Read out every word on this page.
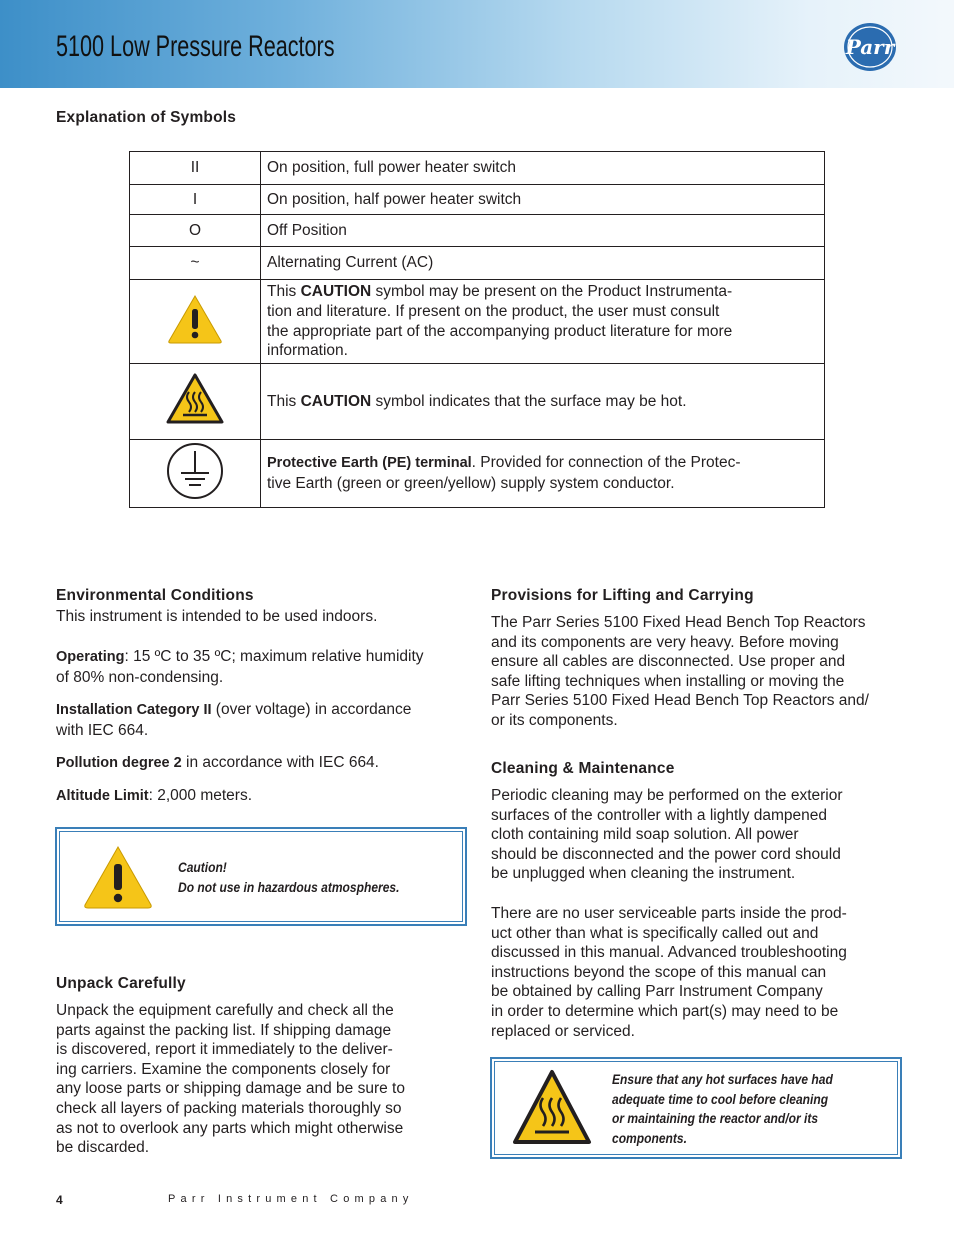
5100 Low Pressure Reactors	Parr
Explanation of Symbols
II	On position, full power heater switch
I	On position, half power heater switch
O	Off Position
~	Alternating Current (AC)

This CAUTION symbol may be present on the Product Instrumenta-
tion and literature. If present on the product, the user must consult
the appropriate part of the accompanying product literature for more
information.

	This CAUTION symbol indicates that the surface may be hot.

Protective Earth (PE) terminal. Provided for connection of the Protec-
tive Earth (green or green/yellow) supply system conductor.
Environmental Conditions
This instrument is intended to be used indoors.
Operating: 15 ºC to 35 ºC; maximum relative humidity
of 80% non-condensing.
Installation Category II (over voltage) in accordance
with IEC 664.
Pollution degree 2 in accordance with IEC 664.
Altitude Limit: 2,000 meters.
Caution!
Do not use in hazardous atmospheres.
Unpack Carefully
Unpack the equipment carefully and check all the
parts against the packing list. If shipping damage
is discovered, report it immediately to the deliver-
ing carriers. Examine the components closely for
any loose parts or shipping damage and be sure to
check all layers of packing materials thoroughly so
as not to overlook any parts which might otherwise
be discarded.
Provisions for Lifting and Carrying
The Parr Series 5100 Fixed Head Bench Top Reactors
and its components are very heavy. Before moving
ensure all cables are disconnected. Use proper and
safe lifting techniques when installing or moving the
Parr Series 5100 Fixed Head Bench Top Reactors and/
or its components.
Cleaning & Maintenance
Periodic cleaning may be performed on the exterior
surfaces of the controller with a lightly dampened
cloth containing mild soap solution. All power
should be disconnected and the power cord should
be unplugged when cleaning the instrument.
There are no user serviceable parts inside the prod-
uct other than what is specifically called out and
discussed in this manual. Advanced troubleshooting
instructions beyond the scope of this manual can
be obtained by calling Parr Instrument Company
in order to determine which part(s) may need to be
replaced or serviced.
Ensure that any hot surfaces have had
adequate time to cool before cleaning
or maintaining the reactor and/or its
components.
4	Parr Instrument Company
